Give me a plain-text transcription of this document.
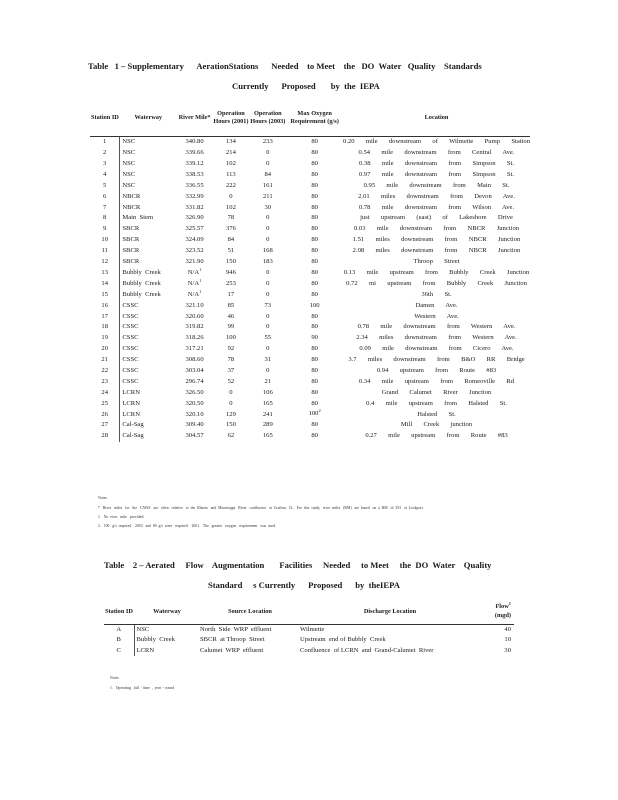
Table   1 – Supplementary      AerationStations      Needed    to Meet    the   DO  Water   Quality    Standards
Currently      Proposed       by  the  IEPA
Station ID	Waterway	River Mile*	Operation Hours (2001)	Operation Hours (2003)	Max Oxygen Requirement (g/s)	Location
1	NSC	340.80	134	233	80	0.20  mile  downstream  of  Wilmette  Pump  Station
2	NSC	339.66	214	0	80	0.54  mile  downstream  from  Central  Ave.
3	NSC	339.12	102	0	80	0.38  mile  downstream  from  Simpson  St.
4	NSC	338.53	113	84	80	0.97  mile  downstream  from  Simpson  St.
5	NSC	336.55	222	161	80	0.95  mile  downstream  from  Main  St.
6	NBCR	332.99	0	211	80	2.01  miles  downstream  from  Devon  Ave.
7	NBCR	331.82	102	30	80	0.78  mile  downstream  from  Wilson  Ave.
8	Main  Stem	326.90	78	0	80	just  upstream  (east)  of  Lakeshore  Drive
9	SBCR	325.57	376	0	80	0.03  mile  downstream  from  NBCR  Junction
10	SBCR	324.09	84	0	80	1.51  miles  downstream  from  NBCR  Junction
11	SBCR	323.52	51	168	80	2.08  miles  downstream  from  NBCR  Junction
12	SBCR	321.90	150	183	80	Throop  Street
13	Bubbly  Creek	$N/A^1$	946	0	80	0.13  mile  upstream  from  Bubbly  Creek  Junction
14	Bubbly  Creek	$N/A^1$	253	0	80	0.72  mi  upstream  from  Bubbly  Creek  Junction
15	Bubbly  Creek	$N/A^1$	17	0	80	36th  St.
16	CSSC	321.10	85	73	100	Damen  Ave.
17	CSSC	320.60	46	0	80	Western  Ave.
18	CSSC	319.82	99	0	80	0.78  mile  downstream  from  Western  Ave.
19	CSSC	318.26	100	55	90	2.34  miles  downstream  from  Western  Ave.
20	CSSC	317.21	92	0	80	0.09  mile  downstream  from  Cicero  Ave.
21	CSSC	308.60	78	31	80	3.7  miles  downstream  from  B&O  RR  Bridge
22	CSSC	303.04	37	0	80	0.94  upstream  from  Route  #83
23	CSSC	296.74	52	21	80	0.34  mile  upstream  from  Romeoville  Rd
24	LCRN	326.50	0	106	80	Grand  Calumet  River  Junction
25	LCRN	320.50	0	165	80	0.4  mile  upstream  from  Halsted  St.
26	LCRN	320.10	129	241	$100^2$	Halsted  St.
27	Cal-Sag	309.40	150	289	80	Mill  Creek  junction
28	Cal-Sag	304.57	62	165	80	0.27  mile  upstream  from  Route  #83
Notes
*   River   miles   for   the   CAWS   are   often   relative   to  the  Illinois   and  Mississippi   River   confluence   at  Grafton,   IL.   For  this  study,   river  miles   (RM)   are  based   on  a  RM   of  291   at  Lockport.
1.   No  river   mile   provided.
2.   100   g/s  required    2003   and  80  g/s  were   required    2001.   The   greater   oxygen   requirement   was  used.
Table    2 – Aerated     Flow    Augmentation       Facilities     Needed     to Meet     the  DO  Water    Quality
Standard     s Currently      Proposed      by  theIEPA
Station ID	Waterway	Source Location	Discharge Location	Flow$^1$
(mgd)
A	NSC	North  Side  WRP  effluent	Wilmette	40
B	Bubbly  Creek	SBCR  at Throop  Street	Upstream  end of Bubbly  Creek	10
C	LCRN	Calumet  WRP  effluent	Confluence  of LCRN  and  Grand-Calumet  River	30
Notes
1.   Operating   full  - time  ,  year  - round
